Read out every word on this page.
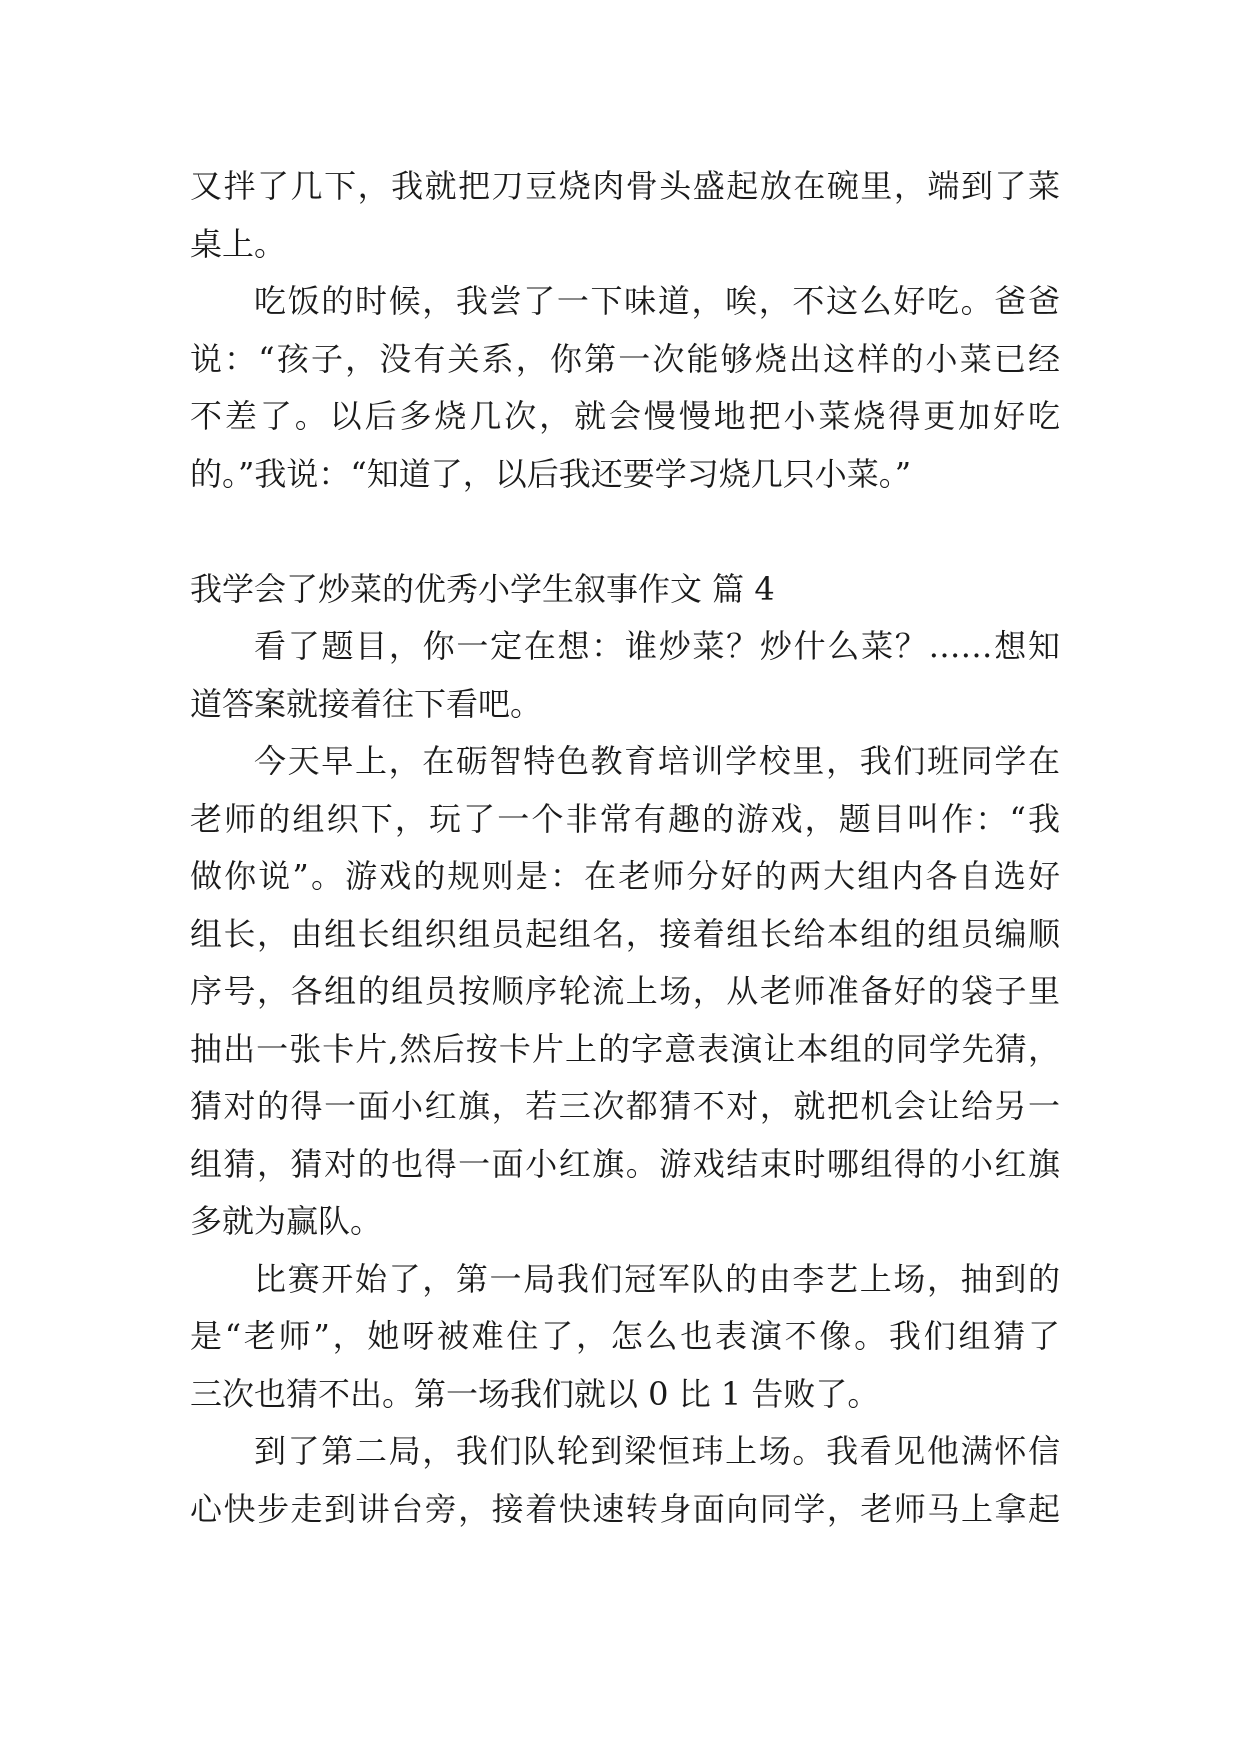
又拌了几下，我就把刀豆烧肉骨头盛起放在碗里，端到了菜
桌上。
吃饭的时候，我尝了一下味道，唉，不这么好吃。爸爸
说：“孩子，没有关系，你第一次能够烧出这样的小菜已经
不差了。以后多烧几次，就会慢慢地把小菜烧得更加好吃
的。”我说：“知道了，以后我还要学习烧几只小菜。”
我学会了炒菜的优秀小学生叙事作文 篇 4
看了题目，你一定在想：谁炒菜？炒什么菜？……想知
道答案就接着往下看吧。
今天早上，在砺智特色教育培训学校里，我们班同学在
老师的组织下，玩了一个非常有趣的游戏，题目叫作：“我
做你说”。游戏的规则是：在老师分好的两大组内各自选好
组长，由组长组织组员起组名，接着组长给本组的组员编顺
序号，各组的组员按顺序轮流上场，从老师准备好的袋子里
抽出一张卡片,然后按卡片上的字意表演让本组的同学先猜，
猜对的得一面小红旗，若三次都猜不对，就把机会让给另一
组猜，猜对的也得一面小红旗。游戏结束时哪组得的小红旗
多就为赢队。
比赛开始了，第一局我们冠军队的由李艺上场，抽到的
是“老师”，她呀被难住了，怎么也表演不像。我们组猜了
三次也猜不出。第一场我们就以 0 比 1 告败了。
到了第二局，我们队轮到梁恒玮上场。我看见他满怀信
心快步走到讲台旁，接着快速转身面向同学，老师马上拿起
